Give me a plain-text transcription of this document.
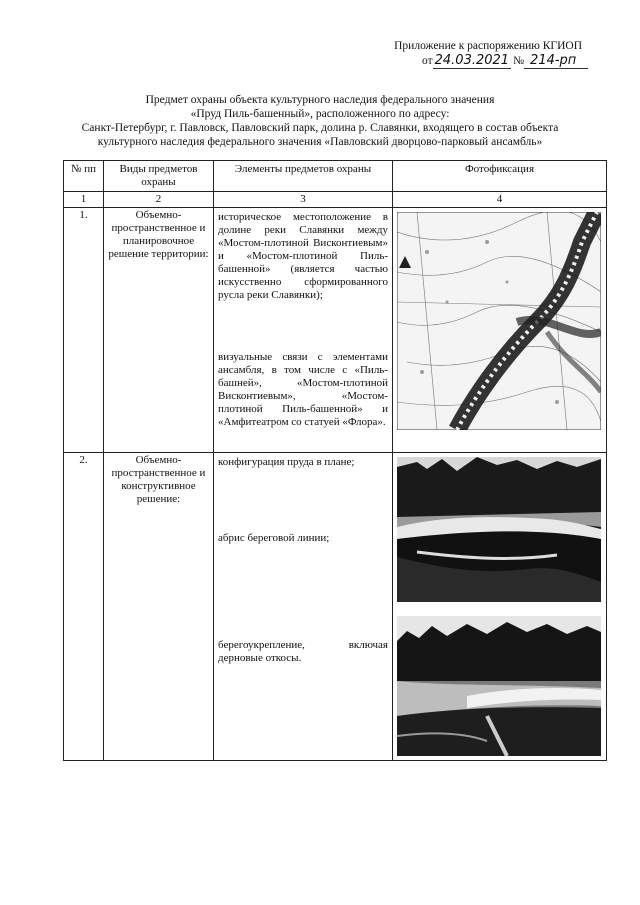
Приложение к распоряжению КГИОП
от 24.03.2021 № 214-рп
Предмет охраны объекта культурного наследия федерального значения
«Пруд Пиль-башенный», расположенного по адресу:
Санкт-Петербург, г. Павловск, Павловский парк, долина р. Славянки, входящего в состав объекта
культурного наследия федерального значения «Павловский дворцово-парковый ансамбль»
№ пп	Виды предметов охраны	Элементы предметов охраны	Фотофиксация
1	2	3	4
1.	Объемно-пространственное и планировочное решение территории:	историческое местоположение в долине реки Славянки между «Мостом-плотиной Висконтиевым» и «Мостом-плотиной Пиль-башенной» (является частью искусственно сформированного русла реки Славянки);
визуальные связи с элементами ансамбля, в том числе с «Пиль-башней», «Мостом-плотиной Висконтиевым», «Мостом-плотиной Пиль-башенной» и «Амфитеатром со статуей «Флора».

2.	Объемно-пространственное и конструктивное решение:	конфигурация пруда в плане;
абрис береговой линии;
берегоукрепление, включая дерновые откосы.
